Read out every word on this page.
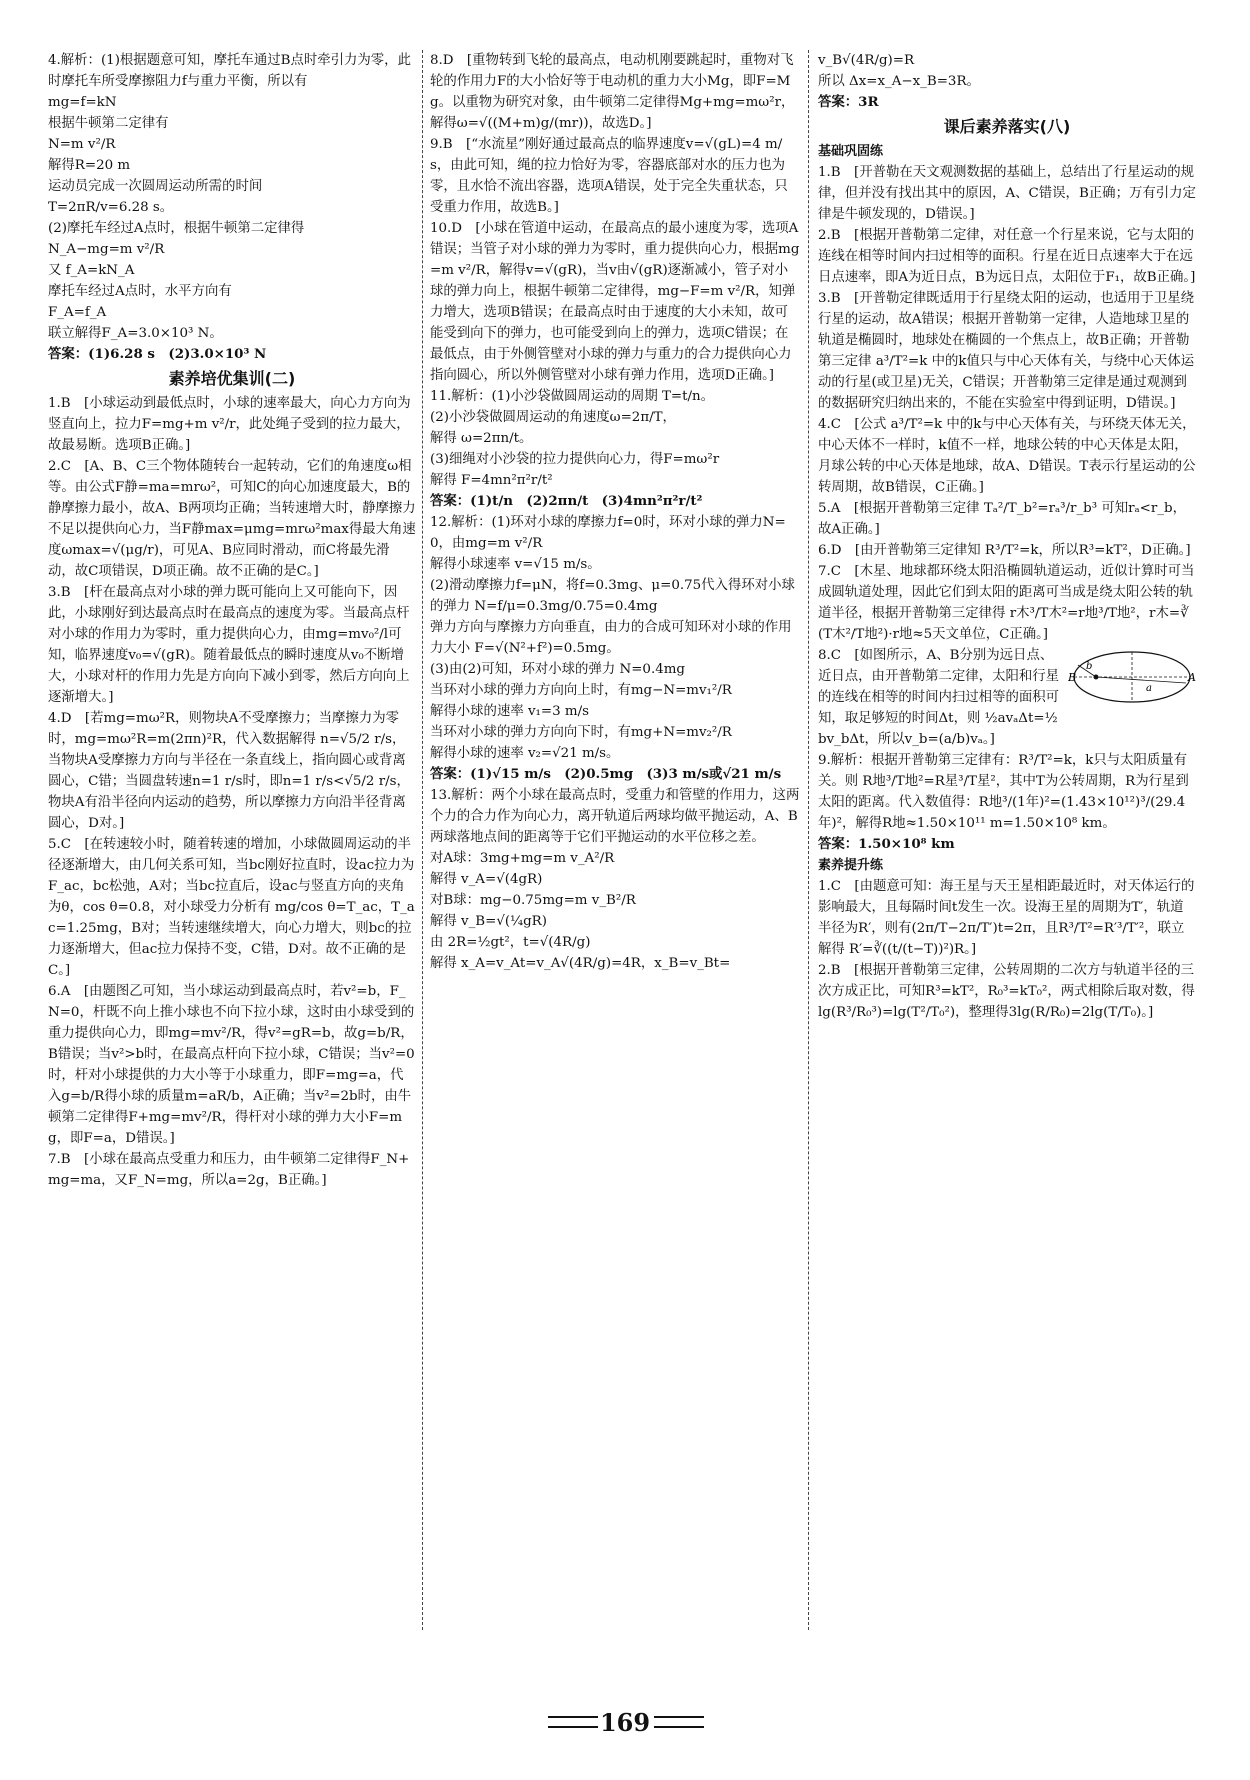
4.解析：(1)根据题意可知，摩托车通过B点时牵引力为零，此时摩托车所受摩擦阻力f与重力平衡，所以有

mg=f=kN

根据牛顿第二定律有

N=m v²/R

解得R=20 m

运动员完成一次圆周运动所需的时间

T=2πR/v=6.28 s。

(2)摩托车经过A点时，根据牛顿第二定律得

N_A−mg=m v²/R

又 f_A=kN_A

摩托车经过A点时，水平方向有

F_A=f_A

联立解得F_A=3.0×10³ N。

答案：(1)6.28 s　(2)3.0×10³ N

素养培优集训(二)

1.B　[小球运动到最低点时，小球的速率最大，向心力方向为竖直向上，拉力F=mg+m v²/r，此处绳子受到的拉力最大，故最易断。选项B正确。]

2.C　[A、B、C三个物体随转台一起转动，它们的角速度ω相等。由公式F静=ma=mrω²，可知C的向心加速度最大，B的静摩擦力最小，故A、B两项均正确；当转速增大时，静摩擦力不足以提供向心力，当F静max=μmg=mrω²max得最大角速度ωmax=√(μg/r)，可见A、B应同时滑动，而C将最先滑动，故C项错误，D项正确。故不正确的是C。]

3.B　[杆在最高点对小球的弹力既可能向上又可能向下，因此，小球刚好到达最高点时在最高点的速度为零。当最高点杆对小球的作用力为零时，重力提供向心力，由mg=mv₀²/l可知，临界速度v₀=√(gR)。随着最低点的瞬时速度从v₀不断增大，小球对杆的作用力先是方向向下减小到零，然后方向向上逐渐增大。]

4.D　[若mg=mω²R，则物块A不受摩擦力；当摩擦力为零时，mg=mω²R=m(2πn)²R，代入数据解得 n=√5/2 r/s，当物块A受摩擦力方向与半径在一条直线上，指向圆心或背离圆心，C错；当圆盘转速n=1 r/s时，即n=1 r/s<√5/2 r/s，物块A有沿半径向内运动的趋势，所以摩擦力方向沿半径背离圆心，D对。]

5.C　[在转速较小时，随着转速的增加，小球做圆周运动的半径逐渐增大，由几何关系可知，当bc刚好拉直时，设ac拉力为F_ac，bc松弛，A对；当bc拉直后，设ac与竖直方向的夹角为θ，cos θ=0.8，对小球受力分析有 mg/cos θ=T_ac，T_ac=1.25mg，B对；当转速继续增大，向心力增大，则bc的拉力逐渐增大，但ac拉力保持不变，C错，D对。故不正确的是C。]

6.A　[由题图乙可知，当小球运动到最高点时，若v²=b，F_N=0，杆既不向上推小球也不向下拉小球，这时由小球受到的重力提供向心力，即mg=mv²/R，得v²=gR=b，故g=b/R，B错误；当v²>b时，在最高点杆向下拉小球，C错误；当v²=0时，杆对小球提供的力大小等于小球重力，即F=mg=a，代入g=b/R得小球的质量m=aR/b，A正确；当v²=2b时，由牛顿第二定律得F+mg=mv²/R，得杆对小球的弹力大小F=mg，即F=a，D错误。]

7.B　[小球在最高点受重力和压力，由牛顿第二定律得F_N+mg=ma，又F_N=mg，所以a=2g，B正确。]

8.D　[重物转到飞轮的最高点，电动机刚要跳起时，重物对飞轮的作用力F的大小恰好等于电动机的重力大小Mg，即F=Mg。以重物为研究对象，由牛顿第二定律得Mg+mg=mω²r，解得ω=√((M+m)g/(mr))，故选D。]

9.B　[“水流星”刚好通过最高点的临界速度v=√(gL)=4 m/s，由此可知，绳的拉力恰好为零，容器底部对水的压力也为零，且水恰不流出容器，选项A错误，处于完全失重状态，只受重力作用，故选B。]

10.D　[小球在管道中运动，在最高点的最小速度为零，选项A错误；当管子对小球的弹力为零时，重力提供向心力，根据mg=m v²/R，解得v=√(gR)，当v由√(gR)逐渐减小，管子对小球的弹力向上，根据牛顿第二定律得，mg−F=m v²/R，知弹力增大，选项B错误；在最高点时由于速度的大小未知，故可能受到向下的弹力，也可能受到向上的弹力，选项C错误；在最低点，由于外侧管壁对小球的弹力与重力的合力提供向心力指向圆心，所以外侧管壁对小球有弹力作用，选项D正确。]

11.解析：(1)小沙袋做圆周运动的周期 T=t/n。

(2)小沙袋做圆周运动的角速度ω=2π/T，

解得 ω=2πn/t。

(3)细绳对小沙袋的拉力提供向心力，得F=mω²r

解得 F=4mn²π²r/t²

答案：(1)t/n　(2)2πn/t　(3)4mn²π²r/t²

12.解析：(1)环对小球的摩擦力f=0时，环对小球的弹力N=0，由mg=m v²/R

解得小球速率 v=√15 m/s。

(2)滑动摩擦力f=μN，将f=0.3mg、μ=0.75代入得环对小球的弹力 N=f/μ=0.3mg/0.75=0.4mg

弹力方向与摩擦力方向垂直，由力的合成可知环对小球的作用力大小 F=√(N²+f²)=0.5mg。

(3)由(2)可知，环对小球的弹力 N=0.4mg

当环对小球的弹力方向向上时，有mg−N=mv₁²/R

解得小球的速率 v₁=3 m/s

当环对小球的弹力方向向下时，有mg+N=mv₂²/R

解得小球的速率 v₂=√21 m/s。

答案：(1)√15 m/s　(2)0.5mg　(3)3 m/s或√21 m/s

13.解析：两个小球在最高点时，受重力和管壁的作用力，这两个力的合力作为向心力，离开轨道后两球均做平抛运动，A、B两球落地点间的距离等于它们平抛运动的水平位移之差。

对A球：3mg+mg=m v_A²/R

解得 v_A=√(4gR)

对B球：mg−0.75mg=m v_B²/R

解得 v_B=√(¼gR)

由 2R=½gt²，t=√(4R/g)

解得 x_A=v_At=v_A√(4R/g)=4R，x_B=v_Bt=

v_B√(4R/g)=R

所以 Δx=x_A−x_B=3R。

答案：3R

课后素养落实(八)

基础巩固练

1.B　[开普勒在天文观测数据的基础上，总结出了行星运动的规律，但并没有找出其中的原因，A、C错误，B正确；万有引力定律是牛顿发现的，D错误。]

2.B　[根据开普勒第二定律，对任意一个行星来说，它与太阳的连线在相等时间内扫过相等的面积。行星在近日点速率大于在远日点速率，即A为近日点，B为远日点，太阳位于F₁，故B正确。]

3.B　[开普勒定律既适用于行星绕太阳的运动，也适用于卫星绕行星的运动，故A错误；根据开普勒第一定律，人造地球卫星的轨道是椭圆时，地球处在椭圆的一个焦点上，故B正确；开普勒第三定律 a³/T²=k 中的k值只与中心天体有关，与绕中心天体运动的行星(或卫星)无关，C错误；开普勒第三定律是通过观测到的数据研究归纳出来的，不能在实验室中得到证明，D错误。]

4.C　[公式 a³/T²=k 中的k与中心天体有关，与环绕天体无关，中心天体不一样时，k值不一样，地球公转的中心天体是太阳，月球公转的中心天体是地球，故A、D错误。T表示行星运动的公转周期，故B错误，C正确。]

5.A　[根据开普勒第三定律 Tₐ²/T_b²=rₐ³/r_b³ 可知rₐ<r_b，故A正确。]

6.D　[由开普勒第三定律知 R³/T²=k，所以R³=kT²，D正确。]

7.C　[木星、地球都环绕太阳沿椭圆轨道运动，近似计算时可当成圆轨道处理，因此它们到太阳的距离可当成是绕太阳公转的轨道半径，根据开普勒第三定律得 r木³/T木²=r地³/T地²，r木=∛(T木²/T地²)·r地≈5天文单位，C正确。]

B	A
b
a

8.C　[如图所示，A、B分别为远日点、近日点，由开普勒第二定律，太阳和行星的连线在相等的时间内扫过相等的面积可知，取足够短的时间Δt，则 ½avₐΔt=½bv_bΔt，所以v_b=(a/b)vₐ。]

9.解析：根据开普勒第三定律有：R³/T²=k，k只与太阳质量有关。则 R地³/T地²=R星³/T星²，其中T为公转周期，R为行星到太阳的距离。代入数值得：R地³/(1年)²=(1.43×10¹²)³/(29.4年)²，解得R地≈1.50×10¹¹ m=1.50×10⁸ km。

答案：1.50×10⁸ km

素养提升练

1.C　[由题意可知：海王星与天王星相距最近时，对天体运行的影响最大，且每隔时间t发生一次。设海王星的周期为T′，轨道半径为R′，则有(2π/T−2π/T′)t=2π，且R³/T²=R′³/T′²，联立解得 R′=∛((t/(t−T))²)R。]

2.B　[根据开普勒第三定律，公转周期的二次方与轨道半径的三次方成正比，可知R³=kT²，R₀³=kT₀²，两式相除后取对数，得lg(R³/R₀³)=lg(T²/T₀²)，整理得3lg(R/R₀)=2lg(T/T₀)。]

169
